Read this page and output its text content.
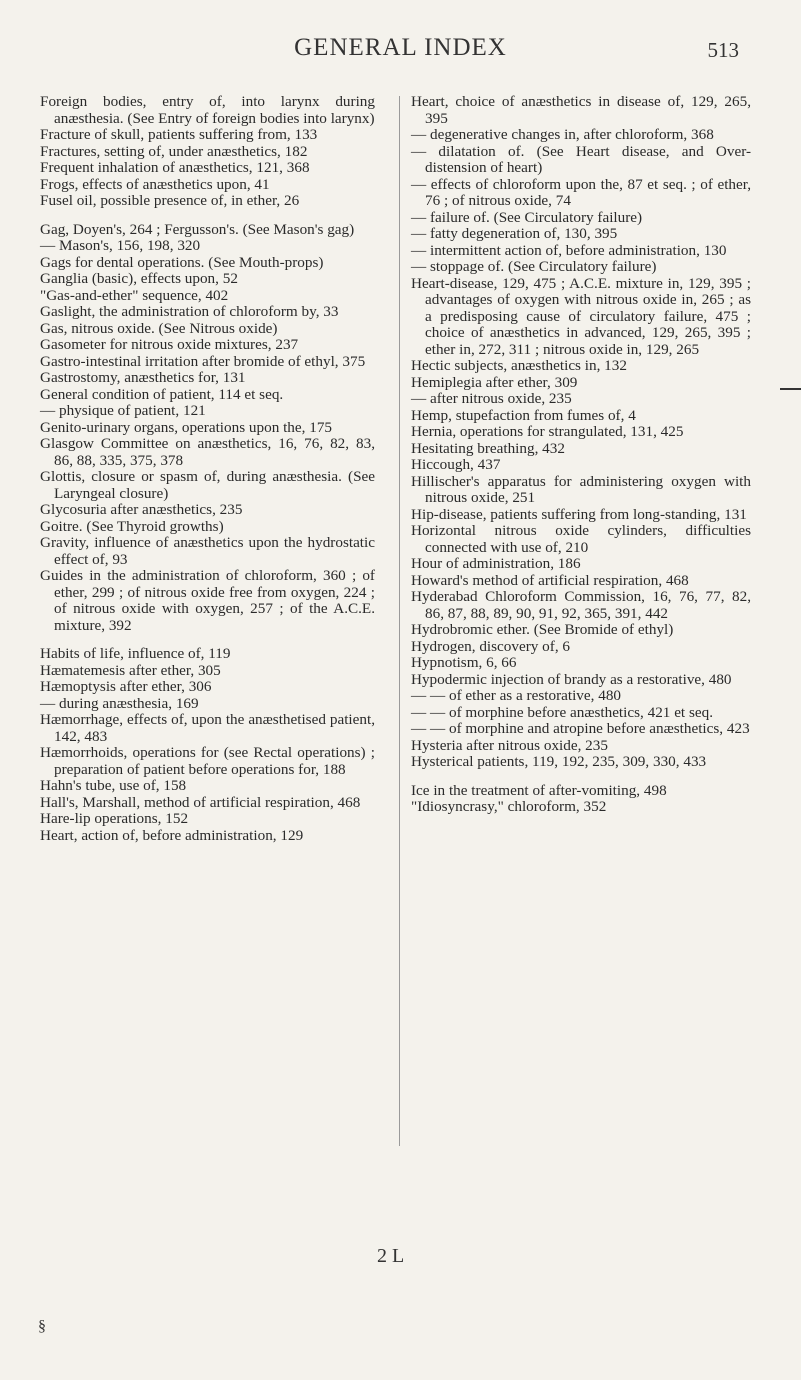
GENERAL INDEX	513

Foreign bodies, entry of, into larynx during anæsthesia. (See Entry of foreign bodies into larynx)

Fracture of skull, patients suffering from, 133

Fractures, setting of, under anæsthetics, 182

Frequent inhalation of anæsthetics, 121, 368

Frogs, effects of anæsthetics upon, 41

Fusel oil, possible presence of, in ether, 26

Gag, Doyen's, 264 ; Fergusson's. (See Mason's gag)

— Mason's, 156, 198, 320

Gags for dental operations. (See Mouth-props)

Ganglia (basic), effects upon, 52

"Gas-and-ether" sequence, 402

Gaslight, the administration of chloroform by, 33

Gas, nitrous oxide. (See Nitrous oxide)

Gasometer for nitrous oxide mixtures, 237

Gastro-intestinal irritation after bromide of ethyl, 375

Gastrostomy, anæsthetics for, 131

General condition of patient, 114 et seq.

— physique of patient, 121

Genito-urinary organs, operations upon the, 175

Glasgow Committee on anæsthetics, 16, 76, 82, 83, 86, 88, 335, 375, 378

Glottis, closure or spasm of, during anæsthesia. (See Laryngeal closure)

Glycosuria after anæsthetics, 235

Goitre. (See Thyroid growths)

Gravity, influence of anæsthetics upon the hydrostatic effect of, 93

Guides in the administration of chloroform, 360 ; of ether, 299 ; of nitrous oxide free from oxygen, 224 ; of nitrous oxide with oxygen, 257 ; of the A.C.E. mixture, 392

Habits of life, influence of, 119

Hæmatemesis after ether, 305

Hæmoptysis after ether, 306

— during anæsthesia, 169

Hæmorrhage, effects of, upon the anæsthetised patient, 142, 483

Hæmorrhoids, operations for (see Rectal operations) ; preparation of patient before operations for, 188

Hahn's tube, use of, 158

Hall's, Marshall, method of artificial respiration, 468

Hare-lip operations, 152

Heart, action of, before administration, 129

Heart, choice of anæsthetics in disease of, 129, 265, 395

— degenerative changes in, after chloroform, 368

— dilatation of. (See Heart disease, and Over-distension of heart)

— effects of chloroform upon the, 87 et seq. ; of ether, 76 ; of nitrous oxide, 74

— failure of. (See Circulatory failure)

— fatty degeneration of, 130, 395

— intermittent action of, before administration, 130

— stoppage of. (See Circulatory failure)

Heart-disease, 129, 475 ; A.C.E. mixture in, 129, 395 ; advantages of oxygen with nitrous oxide in, 265 ; as a predisposing cause of circulatory failure, 475 ; choice of anæsthetics in advanced, 129, 265, 395 ; ether in, 272, 311 ; nitrous oxide in, 129, 265

Hectic subjects, anæsthetics in, 132

Hemiplegia after ether, 309

— after nitrous oxide, 235

Hemp, stupefaction from fumes of, 4

Hernia, operations for strangulated, 131, 425

Hesitating breathing, 432

Hiccough, 437

Hillischer's apparatus for administering oxygen with nitrous oxide, 251

Hip-disease, patients suffering from long-standing, 131

Horizontal nitrous oxide cylinders, difficulties connected with use of, 210

Hour of administration, 186

Howard's method of artificial respiration, 468

Hyderabad Chloroform Commission, 16, 76, 77, 82, 86, 87, 88, 89, 90, 91, 92, 365, 391, 442

Hydrobromic ether. (See Bromide of ethyl)

Hydrogen, discovery of, 6

Hypnotism, 6, 66

Hypodermic injection of brandy as a restorative, 480

— — of ether as a restorative, 480

— — of morphine before anæsthetics, 421 et seq.

— — of morphine and atropine before anæsthetics, 423

Hysteria after nitrous oxide, 235

Hysterical patients, 119, 192, 235, 309, 330, 433

Ice in the treatment of after-vomiting, 498

"Idiosyncrasy," chloroform, 352

2 L
§
